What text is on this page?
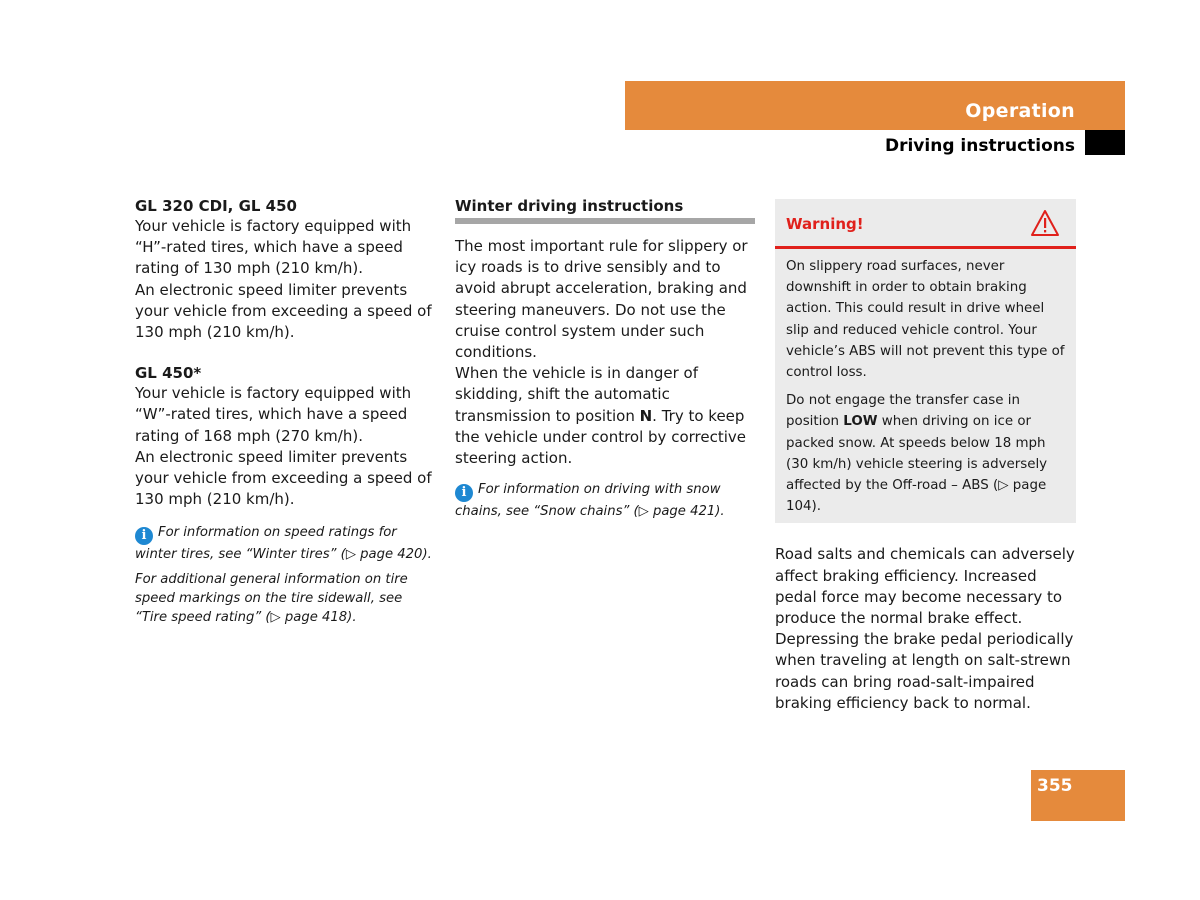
Operation
Driving instructions
GL 320 CDI, GL 450

Your vehicle is factory equipped with “H”-rated tires, which have a speed rating of 130 mph (210 km/h).

An electronic speed limiter prevents your vehicle from exceeding a speed of 130 mph (210 km/h).

GL 450*

Your vehicle is factory equipped with “W”-rated tires, which have a speed rating of 168 mph (270 km/h).

An electronic speed limiter prevents your vehicle from exceeding a speed of 130 mph (210 km/h).

i For information on speed ratings for winter tires, see “Winter tires” (▷ page 420).

For additional general information on tire speed markings on the tire sidewall, see “Tire speed rating” (▷ page 418).

Winter driving instructions

The most important rule for slippery or icy roads is to drive sensibly and to avoid abrupt acceleration, braking and steering maneuvers. Do not use the cruise control system under such conditions.

When the vehicle is in danger of skidding, shift the automatic transmission to position N. Try to keep the vehicle under control by corrective steering action.

i For information on driving with snow chains, see “Snow chains” (▷ page 421).

Warning!

On slippery road surfaces, never downshift in order to obtain braking action. This could result in drive wheel slip and reduced vehicle control. Your vehicle’s ABS will not prevent this type of control loss.

Do not engage the transfer case in position LOW when driving on ice or packed snow. At speeds below 18 mph (30 km/h) vehicle steering is adversely affected by the Off-road – ABS (▷ page 104).

Road salts and chemicals can adversely affect braking efficiency. Increased pedal force may become necessary to produce the normal brake effect.

Depressing the brake pedal periodically when traveling at length on salt-strewn roads can bring road-salt-impaired braking efficiency back to normal.

355
